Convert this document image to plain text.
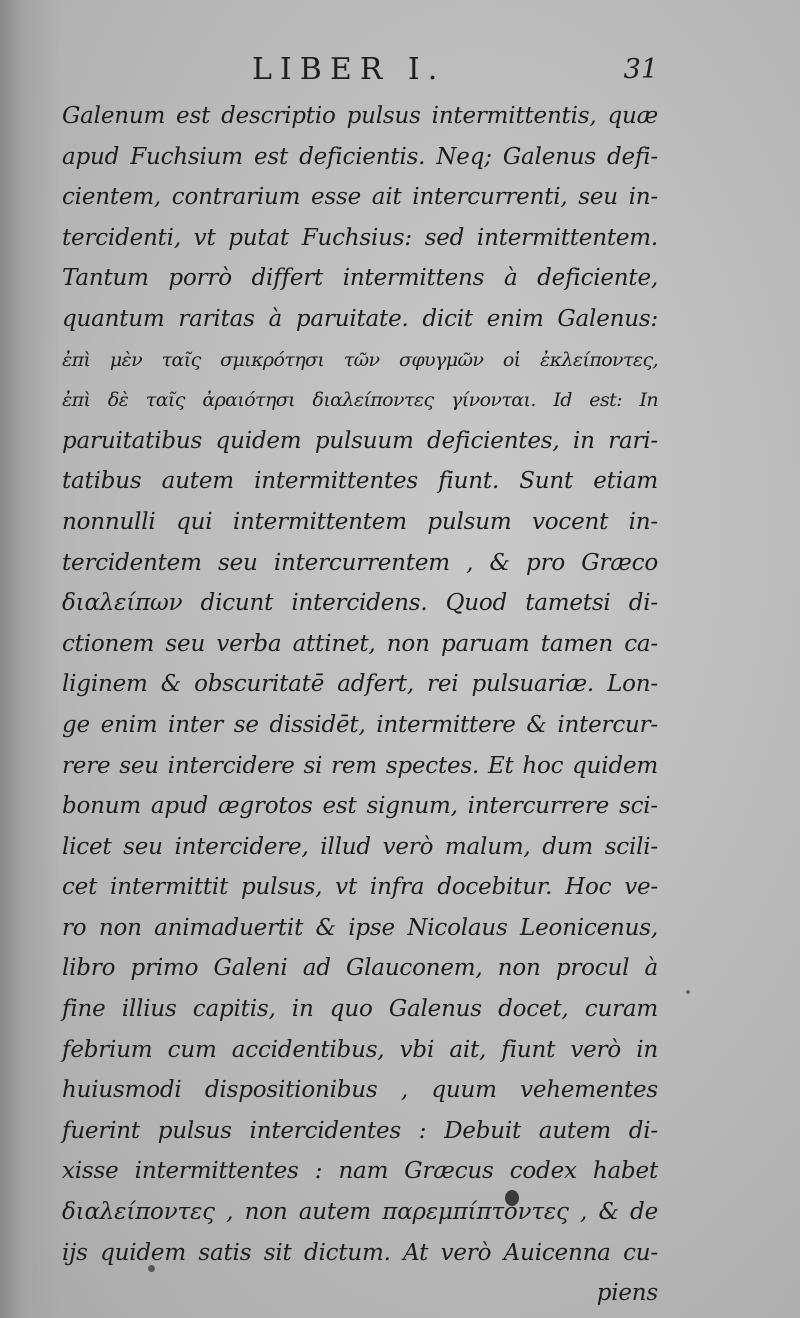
LIBER I.	31
Galenum est descriptio pulsus intermittentis, quæ
apud Fuchsium est deficientis. Neq; Galenus defi-
cientem, contrarium esse ait intercurrenti, seu in-
tercidenti, vt putat Fuchsius: sed intermittentem.
Tantum porrò differt intermittens à deficiente,
quantum raritas à paruitate. dicit enim Galenus:
ἐπὶ μὲν ταῖς σμικρότησι τῶν σφυγμῶν οἱ ἐκλείποντες,
ἐπὶ δὲ ταῖς ἀραιότησι διαλείποντες γίνονται. Id est: In
paruitatibus quidem pulsuum deficientes, in rari-
tatibus autem intermittentes fiunt. Sunt etiam
nonnulli qui intermittentem pulsum vocent in-
tercidentem seu intercurrentem , & pro Græco
διαλείπων dicunt intercidens. Quod tametsi di-
ctionem seu verba attinet, non paruam tamen ca-
liginem & obscuritatē adfert, rei pulsuariæ. Lon-
ge enim inter se dissidēt, intermittere & intercur-
rere seu intercidere si rem spectes. Et hoc quidem
bonum apud ægrotos est signum, intercurrere sci-
licet seu intercidere, illud verò malum, dum scili-
cet intermittit pulsus, vt infra docebitur. Hoc ve-
ro non animaduertit & ipse Nicolaus Leonicenus,
libro primo Galeni ad Glauconem, non procul à
fine illius capitis, in quo Galenus docet, curam
febrium cum accidentibus, vbi ait, fiunt verò in
huiusmodi dispositionibus , quum vehementes
fuerint pulsus intercidentes : Debuit autem di-
xisse intermittentes : nam Græcus codex habet
διαλείποντες , non autem παρεμπίπτοντες , & de
ijs quidem satis sit dictum. At verò Auicenna cu-
piens
